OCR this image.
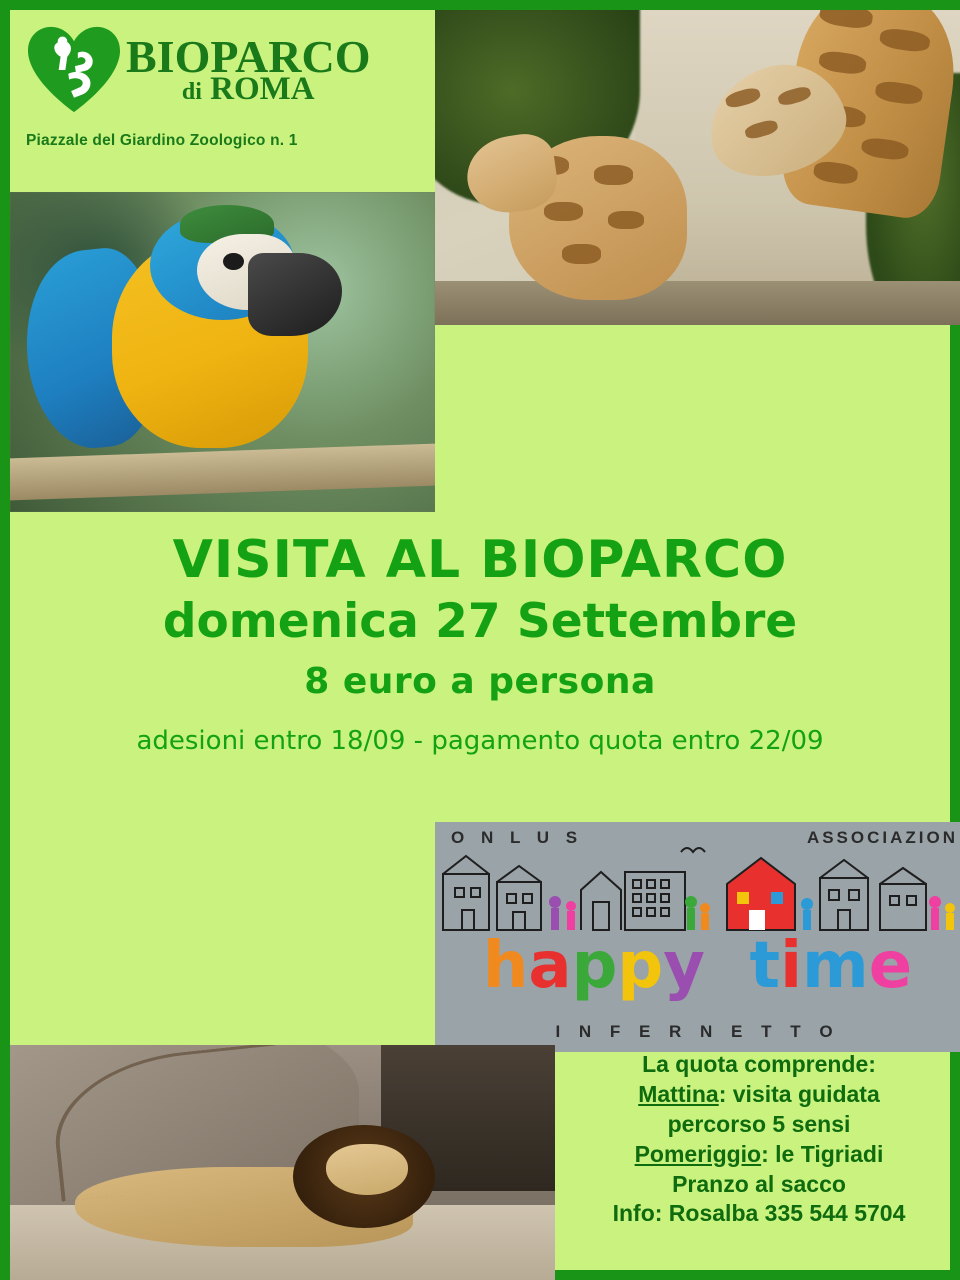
BIOPARCO
di ROMA
Piazzale del Giardino Zoologico n. 1
VISITA AL BIOPARCO
domenica 27 Settembre
8 euro a persona
adesioni entro 18/09 - pagamento quota entro 22/09
O N L U S	ASSOCIAZION
happy time
I N F E R N E T T O
La quota comprende:
Mattina: visita guidata
percorso 5 sensi
Pomeriggio: le Tigriadi
Pranzo al sacco
Info: Rosalba 335 544 5704
